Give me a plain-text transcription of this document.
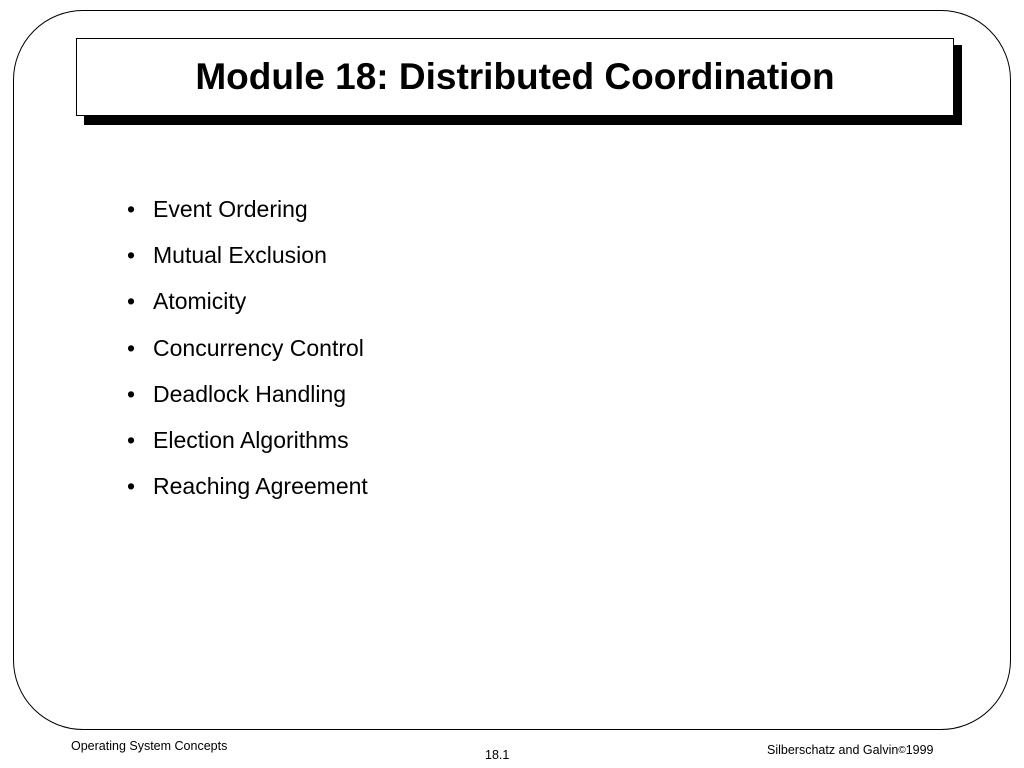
Module 18: Distributed Coordination
• Event Ordering
• Mutual Exclusion
• Atomicity
• Concurrency Control
• Deadlock Handling
• Election Algorithms
• Reaching Agreement
Operating System Concepts
18.1	Silberschatz and Galvin©1999
